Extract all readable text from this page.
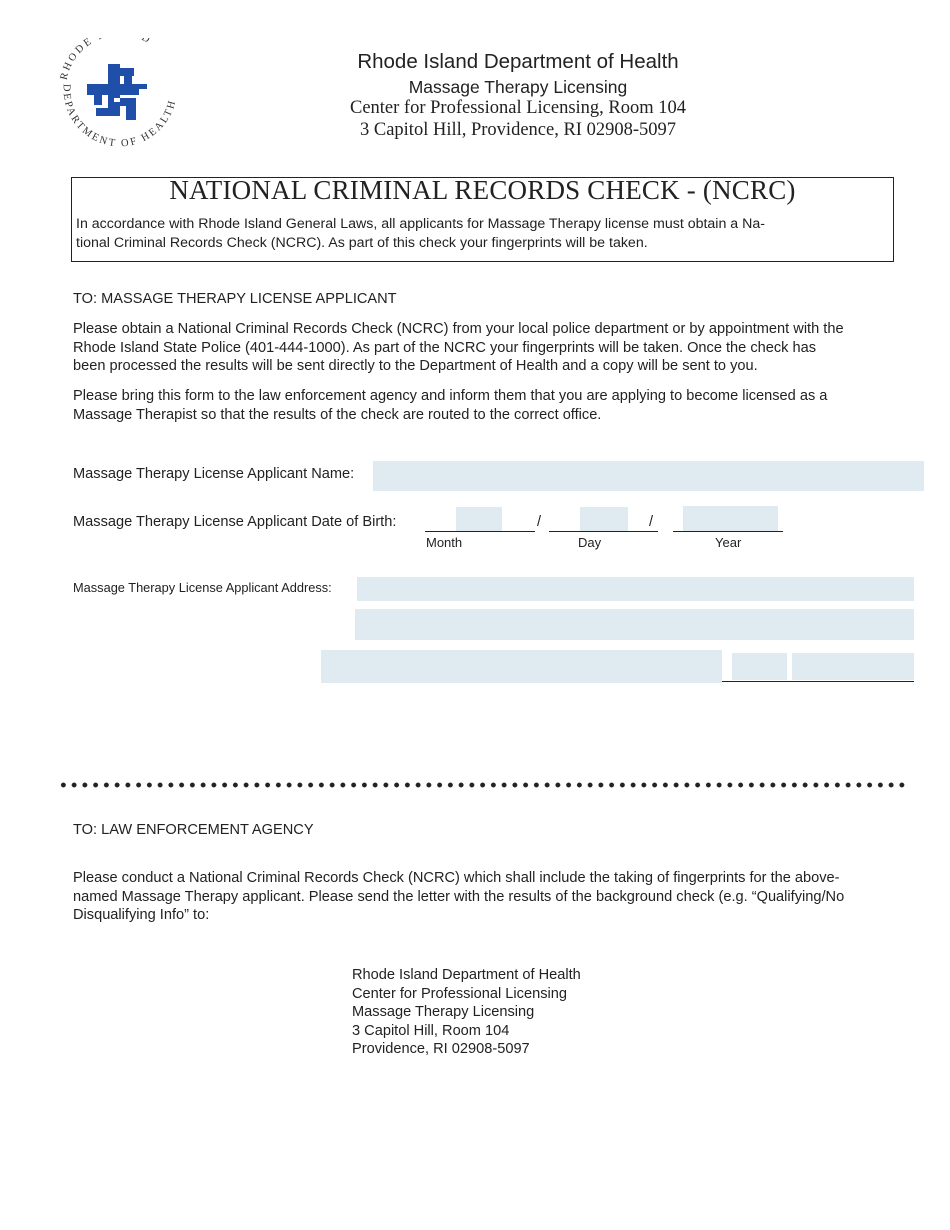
RHODE D
DEPARTMENT OF HEALTH
Rhode Island Department of Health
Massage Therapy Licensing
Center for Professional Licensing, Room 104
3 Capitol Hill, Providence, RI 02908-5097
NATIONAL CRIMINAL RECORDS CHECK - (NCRC)
In accordance with Rhode Island General Laws, all applicants for Massage Therapy license must obtain a Na-
tional Criminal Records Check (NCRC). As part of this check your fingerprints will be taken.
TO: MASSAGE THERAPY LICENSE APPLICANT
Please obtain a National Criminal Records Check (NCRC) from your local police department or by appointment with the
Rhode Island State Police (401-444-1000). As part of the NCRC your fingerprints will be taken. Once the check has
been processed the results will be sent directly to the Department of Health and a copy will be sent to you.
Please bring this form to the law enforcement agency and inform them that you are applying to become licensed as a
Massage Therapist so that the results of the check are routed to the correct office.
Massage Therapy License Applicant Name:
Massage Therapy License Applicant Date of Birth:	/	/
Month	Day	Year
Massage Therapy License Applicant Address:
TO: LAW ENFORCEMENT AGENCY
Please conduct a National Criminal Records Check (NCRC) which shall include the taking of fingerprints for the above-
named Massage Therapy applicant. Please send the letter with the results of the background check (e.g. “Qualifying/No
Disqualifying Info” to:
Rhode Island Department of Health
Center for Professional Licensing
Massage Therapy Licensing
3 Capitol Hill, Room 104
Providence, RI 02908-5097
